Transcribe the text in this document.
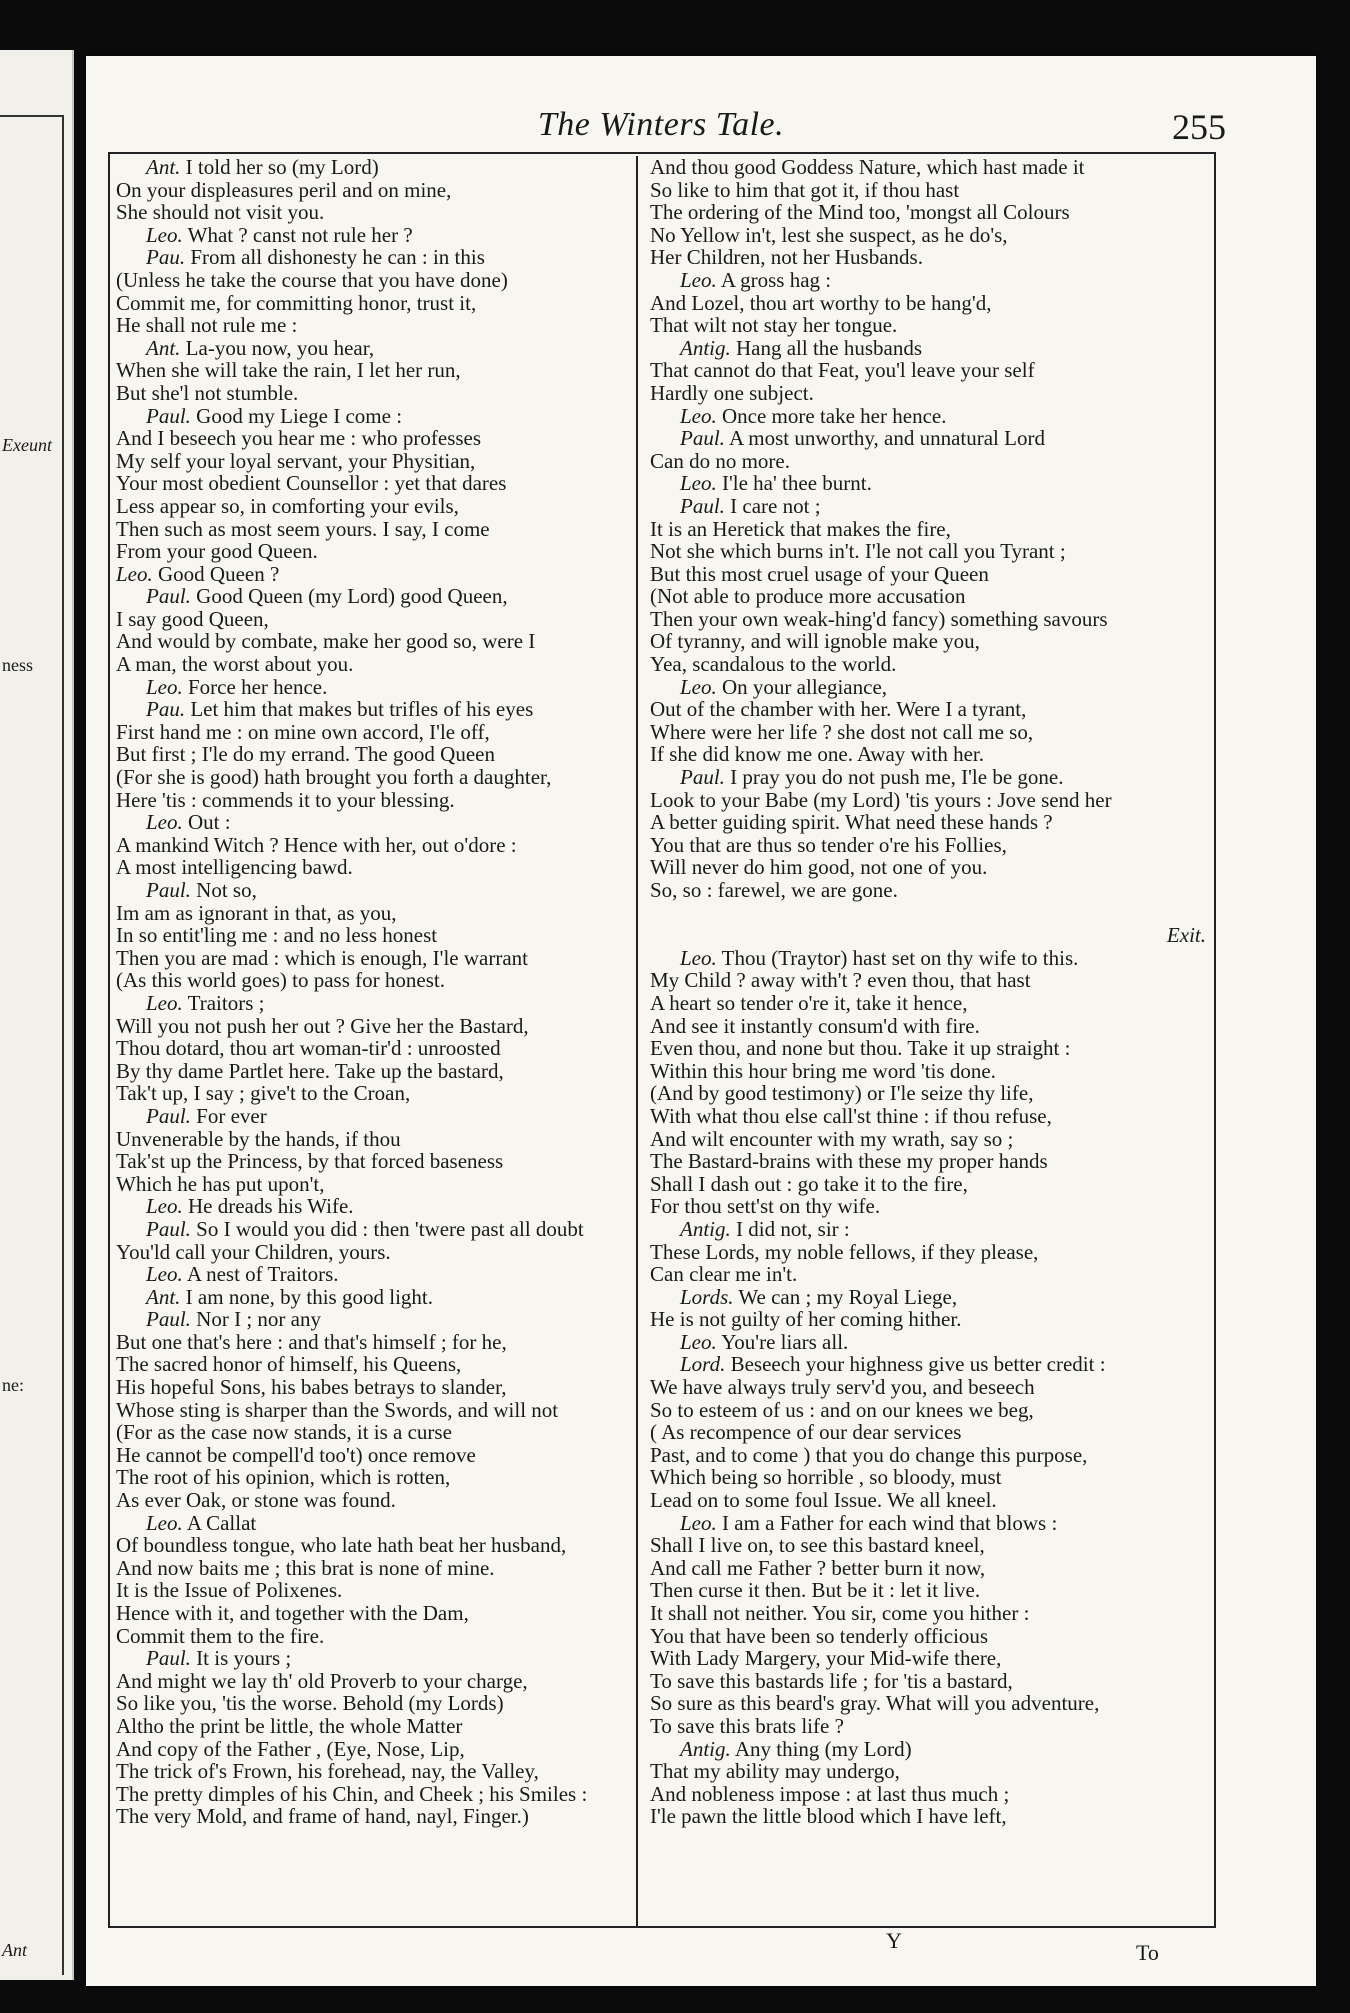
Exeunt
ness
ne:
Ant
The Winters Tale.	255
Ant. I told her so (my Lord)
On your displeasures peril and on mine,
She should not visit you.
Leo. What ? canst not rule her ?
Pau. From all dishonesty he can : in this
(Unless he take the course that you have done)
Commit me, for committing honor, trust it,
He shall not rule me :
Ant. La-you now, you hear,
When she will take the rain, I let her run,
But she'l not stumble.
Paul. Good my Liege I come :
And I beseech you hear me : who professes
My self your loyal servant, your Physitian,
Your most obedient Counsellor : yet that dares
Less appear so, in comforting your evils,
Then such as most seem yours. I say, I come
From your good Queen.
Leo. Good Queen ?
Paul. Good Queen (my Lord) good Queen,
I say good Queen,
And would by combate, make her good so, were I
A man, the worst about you.
Leo. Force her hence.
Pau. Let him that makes but trifles of his eyes
First hand me : on mine own accord, I'le off,
But first ; I'le do my errand. The good Queen
(For she is good) hath brought you forth a daughter,
Here 'tis : commends it to your blessing.
Leo. Out :
A mankind Witch ? Hence with her, out o'dore :
A most intelligencing bawd.
Paul. Not so,
Im am as ignorant in that, as you,
In so entit'ling me : and no less honest
Then you are mad : which is enough, I'le warrant
(As this world goes) to pass for honest.
Leo. Traitors ;
Will you not push her out ? Give her the Bastard,
Thou dotard, thou art woman-tir'd : unroosted
By thy dame Partlet here. Take up the bastard,
Tak't up, I say ; give't to the Croan,
Paul. For ever
Unvenerable by the hands, if thou
Tak'st up the Princess, by that forced baseness
Which he has put upon't,
Leo. He dreads his Wife.
Paul. So I would you did : then 'twere past all doubt
You'ld call your Children, yours.
Leo. A nest of Traitors.
Ant. I am none, by this good light.
Paul. Nor I ; nor any
But one that's here : and that's himself ; for he,
The sacred honor of himself, his Queens,
His hopeful Sons, his babes betrays to slander,
Whose sting is sharper than the Swords, and will not
(For as the case now stands, it is a curse
He cannot be compell'd too't) once remove
The root of his opinion, which is rotten,
As ever Oak, or stone was found.
Leo. A Callat
Of boundless tongue, who late hath beat her husband,
And now baits me ; this brat is none of mine.
It is the Issue of Polixenes.
Hence with it, and together with the Dam,
Commit them to the fire.
Paul. It is yours ;
And might we lay th' old Proverb to your charge,
So like you, 'tis the worse. Behold (my Lords)
Altho the print be little, the whole Matter
And copy of the Father , (Eye, Nose, Lip,
The trick of's Frown, his forehead, nay, the Valley,
The pretty dimples of his Chin, and Cheek ; his Smiles :
The very Mold, and frame of hand, nayl, Finger.)
And thou good Goddess Nature, which hast made it
So like to him that got it, if thou hast
The ordering of the Mind too, 'mongst all Colours
No Yellow in't, lest she suspect, as he do's,
Her Children, not her Husbands.
Leo. A gross hag :
And Lozel, thou art worthy to be hang'd,
That wilt not stay her tongue.
Antig. Hang all the husbands
That cannot do that Feat, you'l leave your self
Hardly one subject.
Leo. Once more take her hence.
Paul. A most unworthy, and unnatural Lord
Can do no more.
Leo. I'le ha' thee burnt.
Paul. I care not ;
It is an Heretick that makes the fire,
Not she which burns in't. I'le not call you Tyrant ;
But this most cruel usage of your Queen
(Not able to produce more accusation
Then your own weak-hing'd fancy) something savours
Of tyranny, and will ignoble make you,
Yea, scandalous to the world.
Leo. On your allegiance,
Out of the chamber with her. Were I a tyrant,
Where were her life ? she dost not call me so,
If she did know me one. Away with her.
Paul. I pray you do not push me, I'le be gone.
Look to your Babe (my Lord) 'tis yours : Jove send her
A better guiding spirit. What need these hands ?
You that are thus so tender o're his Follies,
Will never do him good, not one of you.
So, so : farewel, we are gone.
Exit.
Leo. Thou (Traytor) hast set on thy wife to this.
My Child ? away with't ? even thou, that hast
A heart so tender o're it, take it hence,
And see it instantly consum'd with fire.
Even thou, and none but thou. Take it up straight :
Within this hour bring me word 'tis done.
(And by good testimony) or I'le seize thy life,
With what thou else call'st thine : if thou refuse,
And wilt encounter with my wrath, say so ;
The Bastard-brains with these my proper hands
Shall I dash out : go take it to the fire,
For thou sett'st on thy wife.
Antig. I did not, sir :
These Lords, my noble fellows, if they please,
Can clear me in't.
Lords. We can ; my Royal Liege,
He is not guilty of her coming hither.
Leo. You're liars all.
Lord. Beseech your highness give us better credit :
We have always truly serv'd you, and beseech
So to esteem of us : and on our knees we beg,
( As recompence of our dear services
Past, and to come ) that you do change this purpose,
Which being so horrible , so bloody, must
Lead on to some foul Issue. We all kneel.
Leo. I am a Father for each wind that blows :
Shall I live on, to see this bastard kneel,
And call me Father ? better burn it now,
Then curse it then. But be it : let it live.
It shall not neither. You sir, come you hither :
You that have been so tenderly officious
With Lady Margery, your Mid-wife there,
To save this bastards life ; for 'tis a bastard,
So sure as this beard's gray. What will you adventure,
To save this brats life ?
Antig. Any thing (my Lord)
That my ability may undergo,
And nobleness impose : at last thus much ;
I'le pawn the little blood which I have left,
Y	To
